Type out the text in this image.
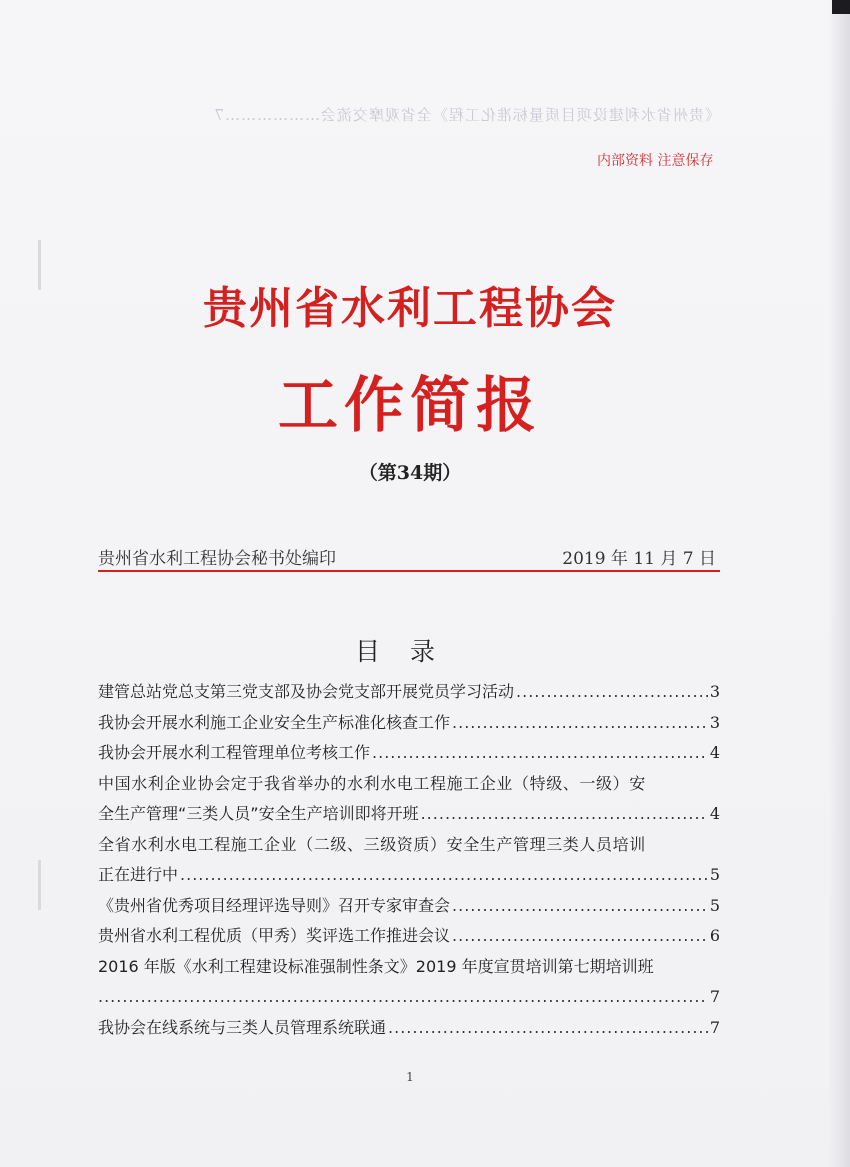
《贵州省水利建设项目质量标准化工程》全省观摩交流会………………7
内部资料 注意保存
贵州省水利工程协会
工作简报
（第34期）
贵州省水利工程协会秘书处编印	2019 年 11 月 7 日
目录
建管总站党总支第三党支部及协会党支部开展党员学习活动 .....	3
我协会开展水利施工企业安全生产标准化核查工作 .....	3
我协会开展水利工程管理单位考核工作 .....	4
中国水利企业协会定于我省举办的水利水电工程施工企业（特级、一级）安
全生产管理“三类人员”安全生产培训即将开班 .....	4
全省水利水电工程施工企业（二级、三级资质）安全生产管理三类人员培训
正在进行中 .....	5
《贵州省优秀项目经理评选导则》召开专家审查会 .....	5
贵州省水利工程优质（甲秀）奖评选工作推进会议 .....	6
2016 年版《水利工程建设标准强制性条文》2019 年度宣贯培训第七期培训班
.....
7
我协会在线系统与三类人员管理系统联通 .....	7
1
